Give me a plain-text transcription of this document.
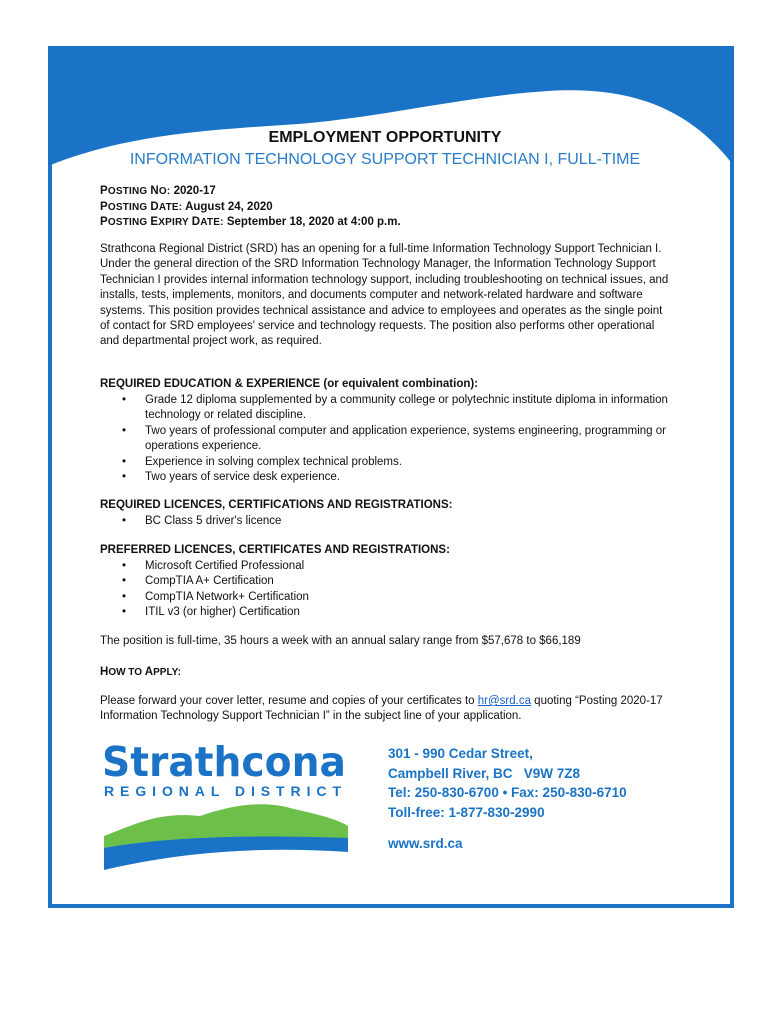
EMPLOYMENT OPPORTUNITY
INFORMATION TECHNOLOGY SUPPORT TECHNICIAN I, FULL-TIME
POSTING NO: 2020-17
POSTING DATE: August 24, 2020
POSTING EXPIRY DATE: September 18, 2020 at 4:00 p.m.
Strathcona Regional District (SRD) has an opening for a full-time Information Technology Support Technician I. Under the general direction of the SRD Information Technology Manager, the Information Technology Support Technician I provides internal information technology support, including troubleshooting on technical issues, and installs, tests, implements, monitors, and documents computer and network-related hardware and software systems. This position provides technical assistance and advice to employees and operates as the single point of contact for SRD employees' service and technology requests. The position also performs other operational and departmental project work, as required.
REQUIRED EDUCATION & EXPERIENCE (or equivalent combination):
• Grade 12 diploma supplemented by a community college or polytechnic institute diploma in information technology or related discipline.
• Two years of professional computer and application experience, systems engineering, programming or operations experience.
• Experience in solving complex technical problems.
• Two years of service desk experience.
REQUIRED LICENCES, CERTIFICATIONS AND REGISTRATIONS:
• BC Class 5 driver's licence
PREFERRED LICENCES, CERTIFICATES AND REGISTRATIONS:
• Microsoft Certified Professional
• CompTIA A+ Certification
• CompTIA Network+ Certification
• ITIL v3 (or higher) Certification
The position is full-time, 35 hours a week with an annual salary range from $57,678 to $66,189
HOW TO APPLY:
Please forward your cover letter, resume and copies of your certificates to hr@srd.ca quoting “Posting 2020-17 Information Technology Support Technician I” in the subject line of your application.
Strathcona
REGIONAL DISTRICT
301 - 990 Cedar Street,
Campbell River, BC   V9W 7Z8
Tel: 250-830-6700 • Fax: 250-830-6710
Toll-free: 1-877-830-2990
www.srd.ca
